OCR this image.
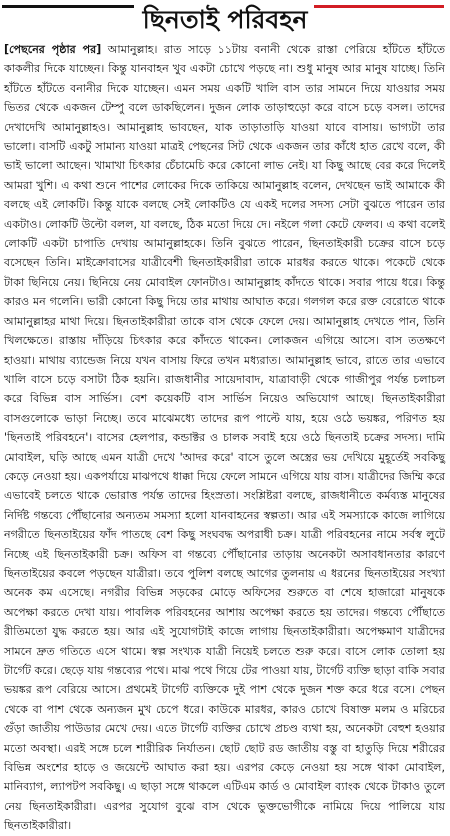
ছিনতাই পরিবহন

[পেছনের পৃষ্ঠার পর] আমানুল্লাহ। রাত সাড়ে ১১টায় বনানী থেকে রাস্তা পেরিয়ে হাঁটতে হাঁটতে কাকলীর দিকে যাচ্ছেন। কিন্তু যানবাহন খুব একটা চোখে পড়ছে না। শুধু মানুষ আর মানুষ যাচ্ছে। তিনি হাঁটতে হাঁটতে বনানীর দিকে যাচ্ছেন। এমন সময় একটি খালি বাস তার সামনে দিয়ে যাওয়ার সময় ভিতর থেকে একজন টেম্পু বলে ডাকছিলেন। দুজন লোক তাড়াহুড়ো করে বাসে চড়ে বসল। তাদের দেখাদেখি আমানুল্লাহও। আমানুল্লাহ ভাবছেন, যাক তাড়াতাড়ি যাওয়া যাবে বাসায়। ভাগ্যটা তার ভালো। বাসটি একটু সামান্য যাওয়া মাত্রই পেছনের সিট থেকে একজন তার কাঁধে হাত রেখে বলে, কী ভাই ভালো আছেন। খামাখা চিৎকার চেঁচামেচি করে কোনো লাভ নেই। যা কিছু আছে বের করে দিলেই আমরা খুশি। এ কথা শুনে পাশের লোকের দিকে তাকিয়ে আমানুল্লাহ বলেন, দেখছেন ভাই আমাকে কী বলছে এই লোকটি। কিন্তু যাকে বলছে সেই লোকটিও যে একই দলের সদস্য সেটা বুঝতে পারেন তার একটাও। লোকটি উল্টো বলল, যা বলছে, ঠিক মতো দিয়ে দে। নইলে গলা কেটে ফেলব। এ কথা বলেই লোকটি একটা চাপাতি দেখায় আমানুল্লাহকে। তিনি বুঝতে পারেন, ছিনতাইকারী চক্রের বাসে চড়ে বসেছেন তিনি। মাইক্রোবাসের যাত্রীবেশী ছিনতাইকারীরা তাকে মারধর করতে থাকে। পকেটে থেকে টাকা ছিনিয়ে নেয়। ছিনিয়ে নেয় মোবাইল ফোনটাও। আমানুল্লাহ কাঁদতে থাকে। সবার পায়ে ধরে। কিন্তু কারও মন গলেনি। ভারী কোনো কিছু দিয়ে তার মাথায় আঘাত করে। গলগল করে রক্ত বেরোতে থাকে আমানুল্লাহর মাথা দিয়ে। ছিনতাইকারীরা তাকে বাস থেকে ফেলে দেয়। আমানুল্লাহ দেখতে পান, তিনি খিলক্ষেতে। রাস্তায় দাঁড়িয়ে চিৎকার করে কাঁদতে থাকেন। লোকজন এগিয়ে আসে। বাস ততক্ষণে হাওয়া। মাথায় ব্যান্ডেজ নিয়ে যখন বাসায় ফিরে তখন মধ্যরাত। আমানুল্লাহ ভাবে, রাতে তার এভাবে খালি বাসে চড়ে বসাটা ঠিক হয়নি। রাজধানীর সায়েদাবাদ, যাত্রাবাড়ী থেকে গাজীপুর পর্যন্ত চলাচল করে বিভিন্ন বাস সার্ভিস। বেশ কয়েকটি বাস সার্ভিস নিয়েও অভিযোগ আছে। ছিনতাইকারীরা বাসগুলোকে ভাড়া নিচ্ছে। তবে মাঝেমধ্যে তাদের রূপ পাল্টে যায়, হয়ে ওঠে ভয়ঙ্কর, পরিণত হয় 'ছিনতাই পরিবহনে'। বাসের হেলপার, কন্ডাক্টর ও চালক সবাই হয়ে ওঠে ছিনতাই চক্রের সদস্য। দামি মোবাইল, ঘড়ি আছে এমন যাত্রী দেখে 'আদর করে' বাসে তুলে অস্ত্রের ভয় দেখিয়ে মুহূর্তেই সবকিছু কেড়ে নেওয়া হয়। একপর্যায়ে মাঝপথে ধাক্কা দিয়ে ফেলে সামনে এগিয়ে যায় বাস। যাত্রীদের জিম্মি করে এভাবেই চলতে থাকে ভোরাত্ত পর্যন্ত তাদের হিংস্রতা। সংশ্লিষ্টরা বলছে, রাজধানীতে কর্মব্যস্ত মানুষের নির্দিষ্ট গন্তব্যে পৌঁছানোর অন্যতম সমস্যা হলো যানবাহনের স্বল্পতা। আর এই সমস্যাকে কাজে লাগিয়ে নগরীতে ছিনতাইয়ের ফাঁদ পাতছে বেশ কিছু সংঘবদ্ধ অপরাধী চক্র। যাত্রী পরিবহনের নামে সর্বস্ব লুটে নিচ্ছে এই ছিনতাইকারী চক্র। অফিস বা গন্তব্যে পৌঁছানোর তাড়ায় অনেকটা অসাবধানতার কারণে ছিনতাইয়ের কবলে পড়ছেন যাত্রীরা। তবে পুলিশ বলছে আগের তুলনায় এ ধরনের ছিনতাইয়ের সংখ্যা অনেক কম এসেছে। নগরীর বিভিন্ন সড়কের মোড়ে অফিসের শুরুতে বা শেষে হাজারো মানুষকে অপেক্ষা করতে দেখা যায়। পাবলিক পরিবহনের আশায় অপেক্ষা করতে হয় তাদের। গন্তব্যে পৌঁছাতে রীতিমতো যুদ্ধ করতে হয়। আর এই সুযোগটাই কাজে লাগায় ছিনতাইকারীরা। অপেক্ষমাণ যাত্রীদের সামনে দ্রুত গতিতে এসে থামে। স্বল্প সংখ্যক যাত্রী নিয়েই চলতে শুরু করে। বাসে লোক তোলা হয় টার্গেট করে। ছেড়ে যায় গন্তব্যের পথে। মাঝ পথে গিয়ে টের পাওয়া যায়, টার্গেট ব্যক্তি ছাড়া বাকি সবার ভয়ঙ্কর রূপ বেরিয়ে আসে। প্রথমেই টার্গেট ব্যক্তিকে দুই পাশ থেকে দুজন শক্ত করে ধরে বসে। পেছন থেকে বা পাশ থেকে অন্যজন মুখ চেপে ধরে। কাউকে মারধর, কারও চোখে বিষাক্ত মলম ও মরিচের গুঁড়া জাতীয় পাউডার মেখে দেয়। এতে টার্গেট ব্যক্তির চোখে প্রচণ্ড ব্যথা হয়, অনেকটা বেহুশ হওয়ার মতো অবস্থা। এরই সঙ্গে চলে শারীরিক নির্যাতন। ছোট ছোট রড জাতীয় বস্তু বা হাতুড়ি দিয়ে শরীরের বিভিন্ন অংশের হাড়ে ও জয়েন্টে আঘাত করা হয়। এরপর কেড়ে নেওয়া হয় সঙ্গে থাকা মোবাইল, মানিব্যাগ, ল্যাপটপ সবকিছু। এ ছাড়া সঙ্গে থাকলে এটিএম কার্ড ও মোবাইল ব্যাংক থেকে টাকাও তুলে নেয় ছিনতাইকারীরা। এরপর সুযোগ বুঝে বাস থেকে ভুক্তভোগীকে নামিয়ে দিয়ে পালিয়ে যায় ছিনতাইকারীরা।
